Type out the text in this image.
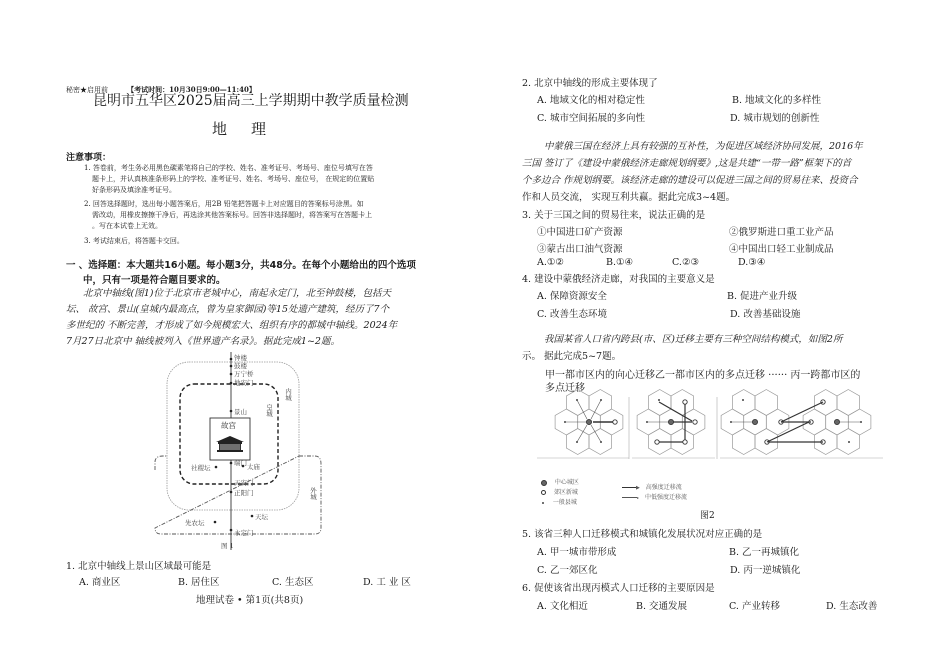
秘密★启用前	【考试时间：10月30日9:00—11:40】
昆明市五华区2025届高三上学期期中教学质量检测
地理
注意事项：
1. 答卷前，考生务必用黑色碳素笔将自己的学校、姓名、准考证号、考场号、座位号填写在答
题卡上，并认真核准条形码上的学校、准考证号、姓名、考场号、座位号， 在规定的位置贴
好条形码及填涂准考证号。
2. 回答选择题时，选出每小题答案后，用2B 铅笔把答题卡上对应题目的答案标号涂黑。如
需改动，用橡皮擦擦干净后，再选涂其他答案标号。回答非选择题时，将答案写在答题卡上
。写在本试卷上无效。
3. 考试结束后，将答题卡交回。
一 、选择题：本大题共16小题。每小题3分，共48分。在每个小题给出的四个选项
中，只有一项是符合题目要求的。
北京中轴线(图1)位于北京市老城中心，南起永定门，北至钟鼓楼，包括天
坛、 故宫、景山(皇城内最高点，曾为皇家御园)等15处遗产建筑，经历了7个
多世纪的 不断完善，才形成了如今规模宏大、组织有序的都城中轴线。2024年
7月27日北京中 轴线被列入《世界遗产名录》。据此完成1~2题。
钟楼
鼓楼
万宁桥
地安门
景山
故宫
端门
社稷坛	太庙
天安门
正阳门
先农坛
天坛
永定门
内城
皇城
外城
图 1
1. 北京中轴线上景山区域最可能是
A. 商业区	B. 居住区	C. 生态区	D. 工 业 区
地理试卷 • 第1页(共8页)
2. 北京中轴线的形成主要体现了
A. 地域文化的相对稳定性	B. 地域文化的多样性
C. 城市空间拓展的多向性	D. 城市规划的创新性
中蒙俄三国在经济上具有较强的互补性，为促进区域经济协同发展，2016年
三国 签订了《建设中蒙俄经济走廊规划纲要》,这是共建“一带一路”框架下的首
个多边合 作规划纲要。该经济走廊的建设可以促进三国之间的贸易往来、投资合
作和人员交流， 实现互利共赢。据此完成3~4题。
3. 关于三国之间的贸易往来，说法正确的是
①中国进口矿产资源	②俄罗斯进口重工业产品
③蒙古出口油气资源	④中国出口轻工业制成品
A.①②	B.①④	C.②③	D.③④
4. 建设中蒙俄经济走廊，对我国的主要意义是
A. 保障资源安全	B. 促进产业升级
C. 改善生态环境	D. 改善基础设施
我国某省人口省内跨县(市、区)迁移主要有三种空间结构模式，如图2所
示。 据此完成5~7题。
甲一都市区内的向心迁移乙一都市区内的多点迁移 ······ 丙一跨都市区的
多点迁移
中心城区
郊区新城
一般县城
▶ 高强度迁移流
▸ 中低强度迁移流
图2
5. 该省三种人口迁移模式和城镇化发展状况对应正确的是
A. 甲一城市带形成	B. 乙一再城镇化
C. 乙一郊区化	D. 丙一逆城镇化
6. 促使该省出现丙模式人口迁移的主要原因是
A. 文化相近	B. 交通发展	C. 产业转移	D. 生态改善
